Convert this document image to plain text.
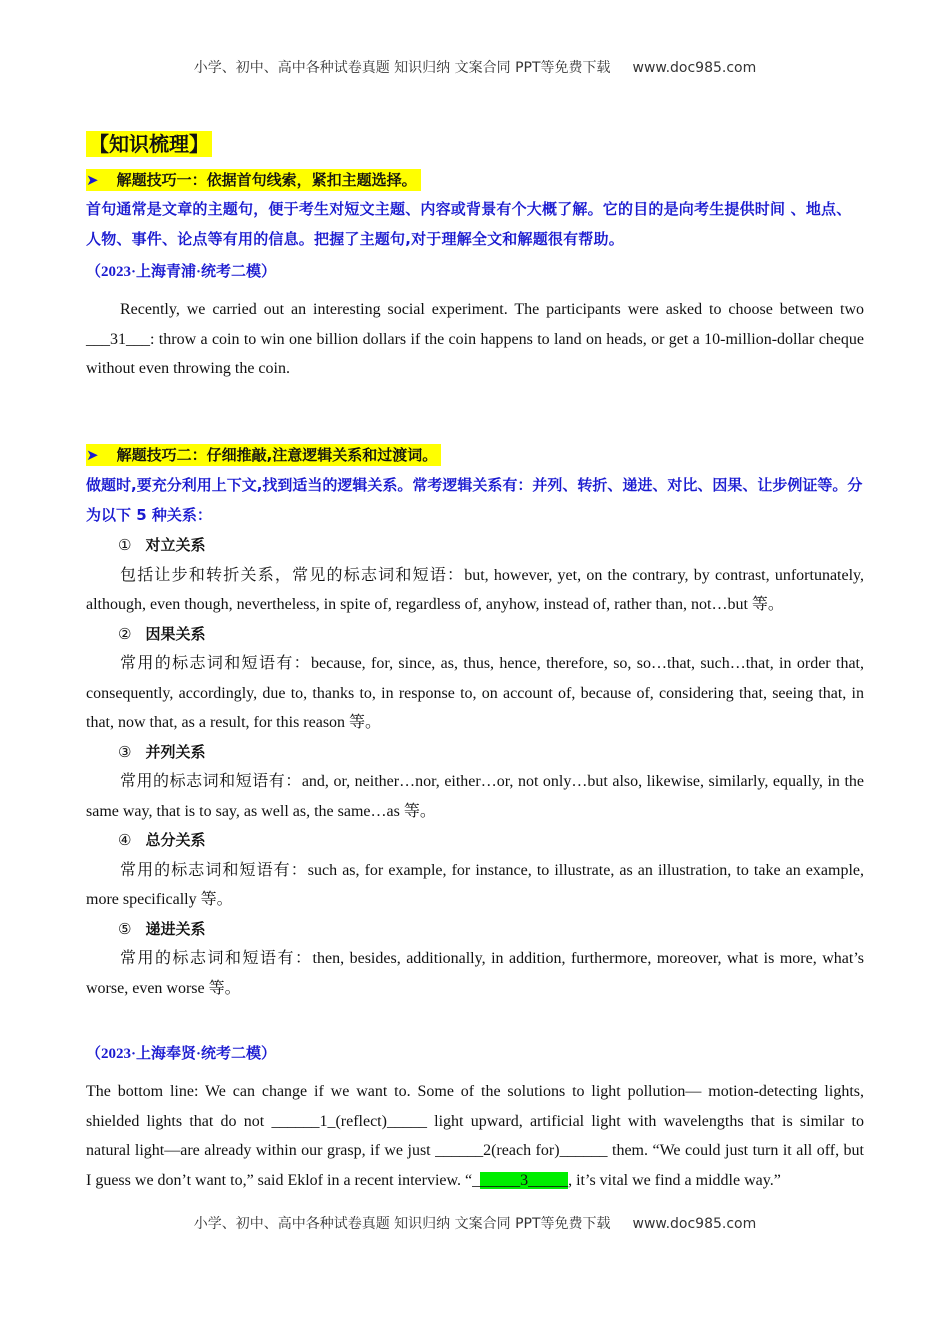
小学、初中、高中各种试卷真题 知识归纳 文案合同 PPT等免费下载 www.doc985.com
【知识梳理】
➤ 解题技巧一：依据首句线索，紧扣主题选择。
首句通常是文章的主题句，便于考生对短文主题、内容或背景有个大概了解。它的目的是向考生提供时间 、地点、人物、事件、论点等有用的信息。把握了主题句,对于理解全文和解题很有帮助。
（2023·上海青浦·统考二模）
Recently, we carried out an interesting social experiment. The participants were asked to choose between two ___31___: throw a coin to win one billion dollars if the coin happens to land on heads, or get a 10-million-dollar cheque without even throwing the coin.
➤ 解题技巧二：仔细推敲,注意逻辑关系和过渡词。
做题时,要充分利用上下文,找到适当的逻辑关系。常考逻辑关系有：并列、转折、递进、对比、因果、让步例证等。分为以下 5 种关系：
① 对立关系
包括让步和转折关系，常见的标志词和短语：but, however, yet, on the contrary, by contrast, unfortunately, although, even though, nevertheless, in spite of, regardless of, anyhow, instead of, rather than, not…but 等。
② 因果关系
常用的标志词和短语有：because, for, since, as, thus, hence, therefore, so, so…that, such…that, in order that, consequently, accordingly, due to, thanks to, in response to, on account of, because of, considering that, seeing that, in that, now that, as a result, for this reason 等。
③ 并列关系
常用的标志词和短语有：and, or, neither…nor, either…or, not only…but also, likewise, similarly, equally, in the same way, that is to say, as well as, the same…as 等。
④ 总分关系
常用的标志词和短语有：such as, for example, for instance, to illustrate, as an illustration, to take an example, more specifically 等。
⑤ 递进关系
常用的标志词和短语有：then, besides, additionally, in addition, furthermore, moreover, what is more, what’s worse, even worse 等。
（2023·上海奉贤·统考二模）
The bottom line: We can change if we want to. Some of the solutions to light pollution— motion-detecting lights, shielded lights that do not ______1_(reflect)_____ light upward, artificial light with wavelengths that is similar to natural light—are already within our grasp, if we just ______2(reach for)______ them. “We could just turn it all off, but I guess we don’t want to,” said Eklof in a recent interview. “______3_____, it’s vital we find a middle way.”
小学、初中、高中各种试卷真题 知识归纳 文案合同 PPT等免费下载 www.doc985.com
